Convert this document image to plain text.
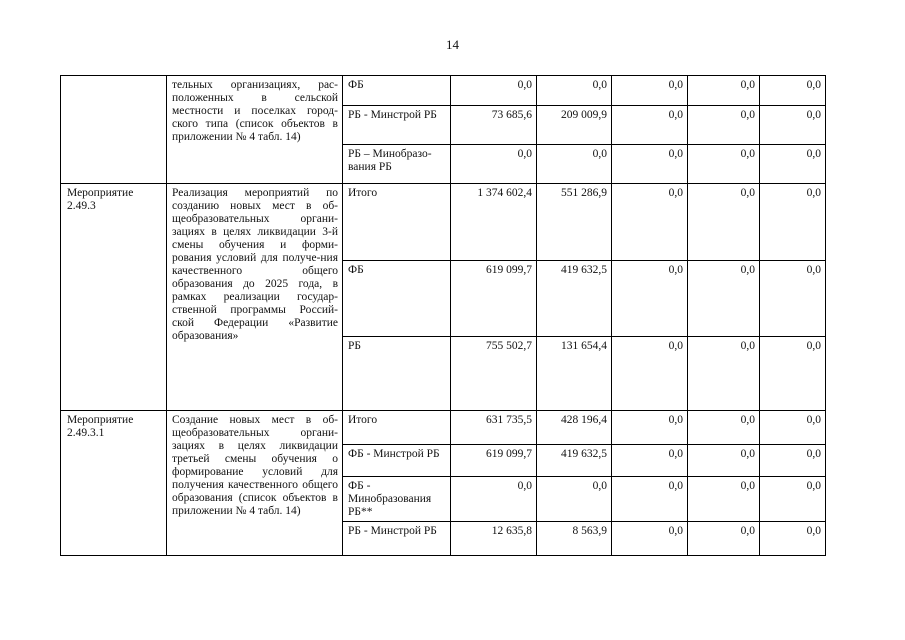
14
	тельных организациях, рас-положенных в сельской местности и поселках город-ского типа (список объектов в приложении № 4 табл. 14)	ФБ	0,0	0,0	0,0	0,0	0,0
		РБ - Минстрой РБ	73 685,6	209 009,9	0,0	0,0	0,0
		РБ – Минобразо-вания РБ	0,0	0,0	0,0	0,0	0,0
Мероприятие 2.49.3	Реализация мероприятий по созданию новых мест в об-щеобразовательных органи-зациях в целях ликвидации 3-й смены обучения и форми-рования условий для получе-ния качественного общего образования до 2025 года, в рамках реализации государ-ственной программы Россий-ской Федерации «Развитие образования»	Итого	1 374 602,4	551 286,9	0,0	0,0	0,0
		ФБ	619 099,7	419 632,5	0,0	0,0	0,0
		РБ	755 502,7	131 654,4	0,0	0,0	0,0
Мероприятие 2.49.3.1	Создание новых мест в об-щеобразовательных органи-зациях в целях ликвидации третьей смены обучения о формирование условий для получения качественного общего образования (список объектов в приложении № 4 табл. 14)	Итого	631 735,5	428 196,4	0,0	0,0	0,0
		ФБ - Минстрой РБ	619 099,7	419 632,5	0,0	0,0	0,0
		ФБ - Минобразования РБ**	0,0	0,0	0,0	0,0	0,0
		РБ - Минстрой РБ	12 635,8	8 563,9	0,0	0,0	0,0
